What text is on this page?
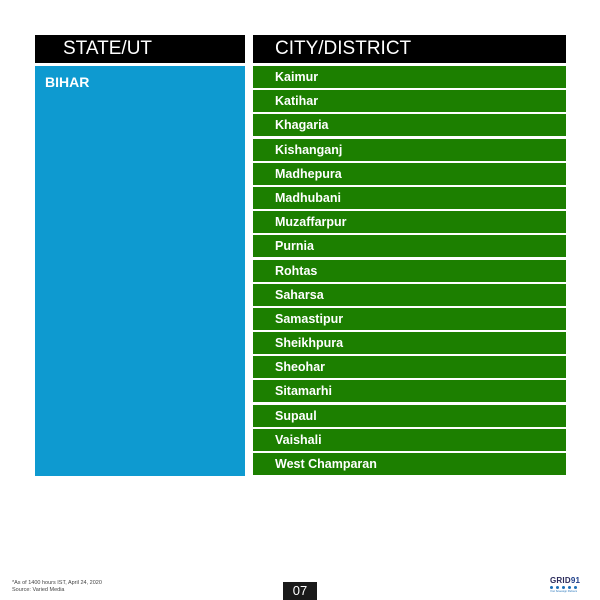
STATE/UT	CITY/DISTRICT
BIHAR	Kaimur
Katihar
Khagaria
Kishanganj
Madhepura
Madhubani
Muzaffarpur
Purnia
Rohtas
Saharsa
Samastipur
Sheikhpura
Sheohar
Sitamarhi
Supaul
Vaishali
West Champaran
*As of 1400 hours IST, April 24, 2020
Source: Varied Media	07
GRID91
Your Sovereign Partners
